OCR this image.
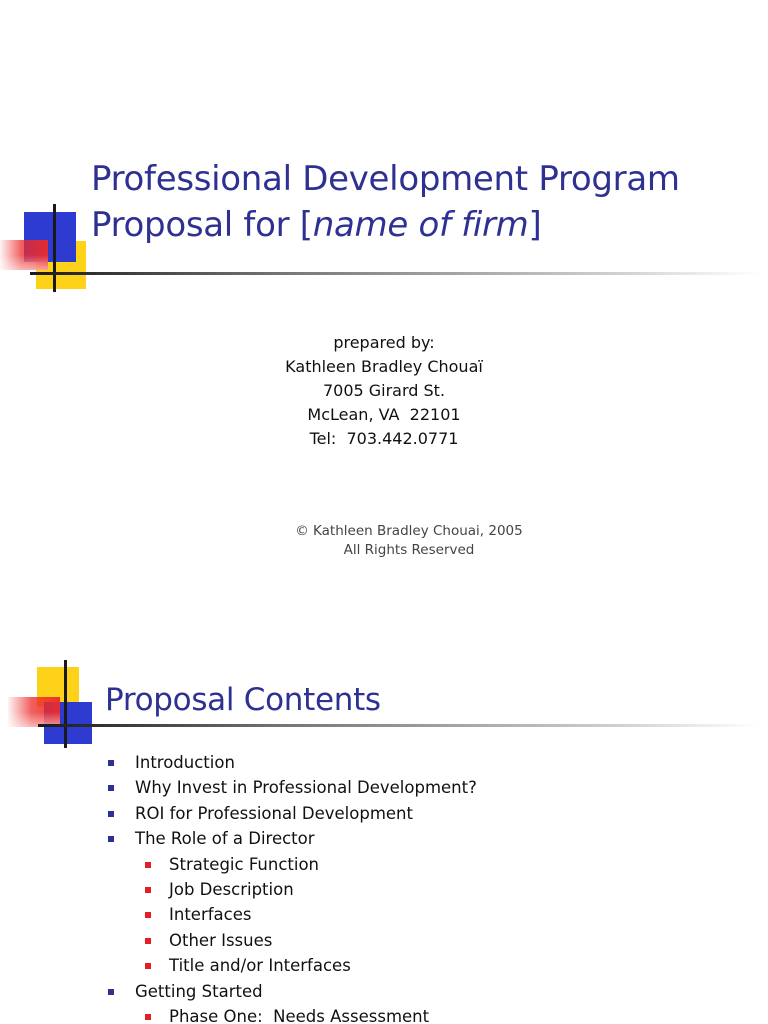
Professional Development Program
Proposal for [name of firm]
prepared by:
Kathleen Bradley Chouaï
7005 Girard St.
McLean, VA  22101
Tel:  703.442.0771
© Kathleen Bradley Chouai, 2005
All Rights Reserved
Proposal Contents
Introduction
Why Invest in Professional Development?
ROI for Professional Development
The Role of a Director
Strategic Function
Job Description
Interfaces
Other Issues
Title and/or Interfaces
Getting Started
Phase One:  Needs Assessment
